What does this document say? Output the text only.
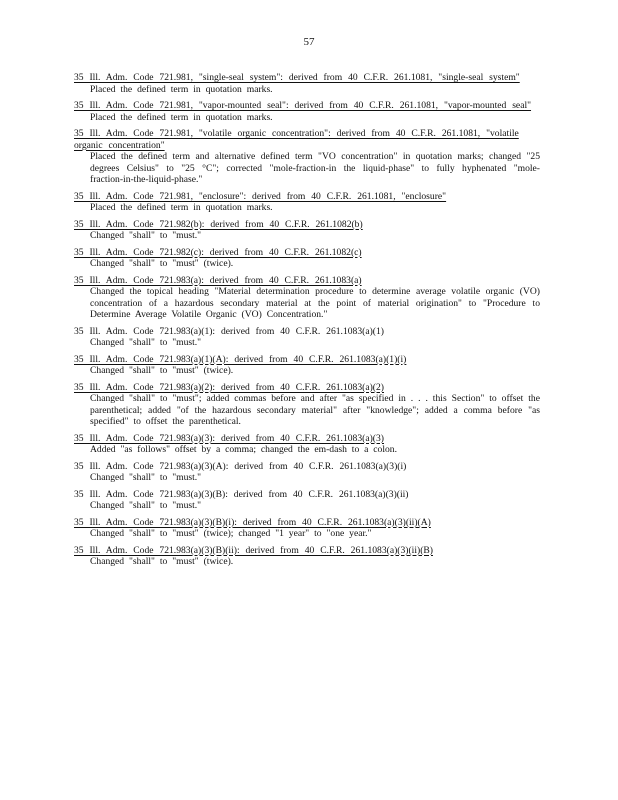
57
35 Ill. Adm. Code 721.981, "single-seal system": derived from 40 C.F.R. 261.1081, "single-seal system"
Placed the defined term in quotation marks.
35 Ill. Adm. Code 721.981, "vapor-mounted seal": derived from 40 C.F.R. 261.1081, "vapor-mounted seal"
Placed the defined term in quotation marks.
35 Ill. Adm. Code 721.981, "volatile organic concentration": derived from 40 C.F.R. 261.1081, "volatile organic concentration"
Placed the defined term and alternative defined term "VO concentration" in quotation marks; changed "25 degrees Celsius" to "25 °C"; corrected "mole-fraction-in the liquid-phase" to fully hyphenated "mole-fraction-in-the-liquid-phase."
35 Ill. Adm. Code 721.981, "enclosure": derived from 40 C.F.R. 261.1081, "enclosure"
Placed the defined term in quotation marks.
35 Ill. Adm. Code 721.982(b): derived from 40 C.F.R. 261.1082(b)
Changed "shall" to "must."
35 Ill. Adm. Code 721.982(c): derived from 40 C.F.R. 261.1082(c)
Changed "shall" to "must" (twice).
35 Ill. Adm. Code 721.983(a): derived from 40 C.F.R. 261.1083(a)
Changed the topical heading "Material determination procedure to determine average volatile organic (VO) concentration of a hazardous secondary material at the point of material origination" to "Procedure to Determine Average Volatile Organic (VO) Concentration."
35 Ill. Adm. Code 721.983(a)(1): derived from 40 C.F.R. 261.1083(a)(1)
Changed "shall" to "must."
35 Ill. Adm. Code 721.983(a)(1)(A): derived from 40 C.F.R. 261.1083(a)(1)(i)
Changed "shall" to "must" (twice).
35 Ill. Adm. Code 721.983(a)(2): derived from 40 C.F.R. 261.1083(a)(2)
Changed "shall" to "must"; added commas before and after "as specified in . . . this Section" to offset the parenthetical; added "of the hazardous secondary material" after "knowledge"; added a comma before "as specified" to offset the parenthetical.
35 Ill. Adm. Code 721.983(a)(3): derived from 40 C.F.R. 261.1083(a)(3)
Added "as follows" offset by a comma; changed the em-dash to a colon.
35 Ill. Adm. Code 721.983(a)(3)(A): derived from 40 C.F.R. 261.1083(a)(3)(i)
Changed "shall" to "must."
35 Ill. Adm. Code 721.983(a)(3)(B): derived from 40 C.F.R. 261.1083(a)(3)(ii)
Changed "shall" to "must."
35 Ill. Adm. Code 721.983(a)(3)(B)(i): derived from 40 C.F.R. 261.1083(a)(3)(ii)(A)
Changed "shall" to "must" (twice); changed "1 year" to "one year."
35 Ill. Adm. Code 721.983(a)(3)(B)(ii): derived from 40 C.F.R. 261.1083(a)(3)(ii)(B)
Changed "shall" to "must" (twice).
